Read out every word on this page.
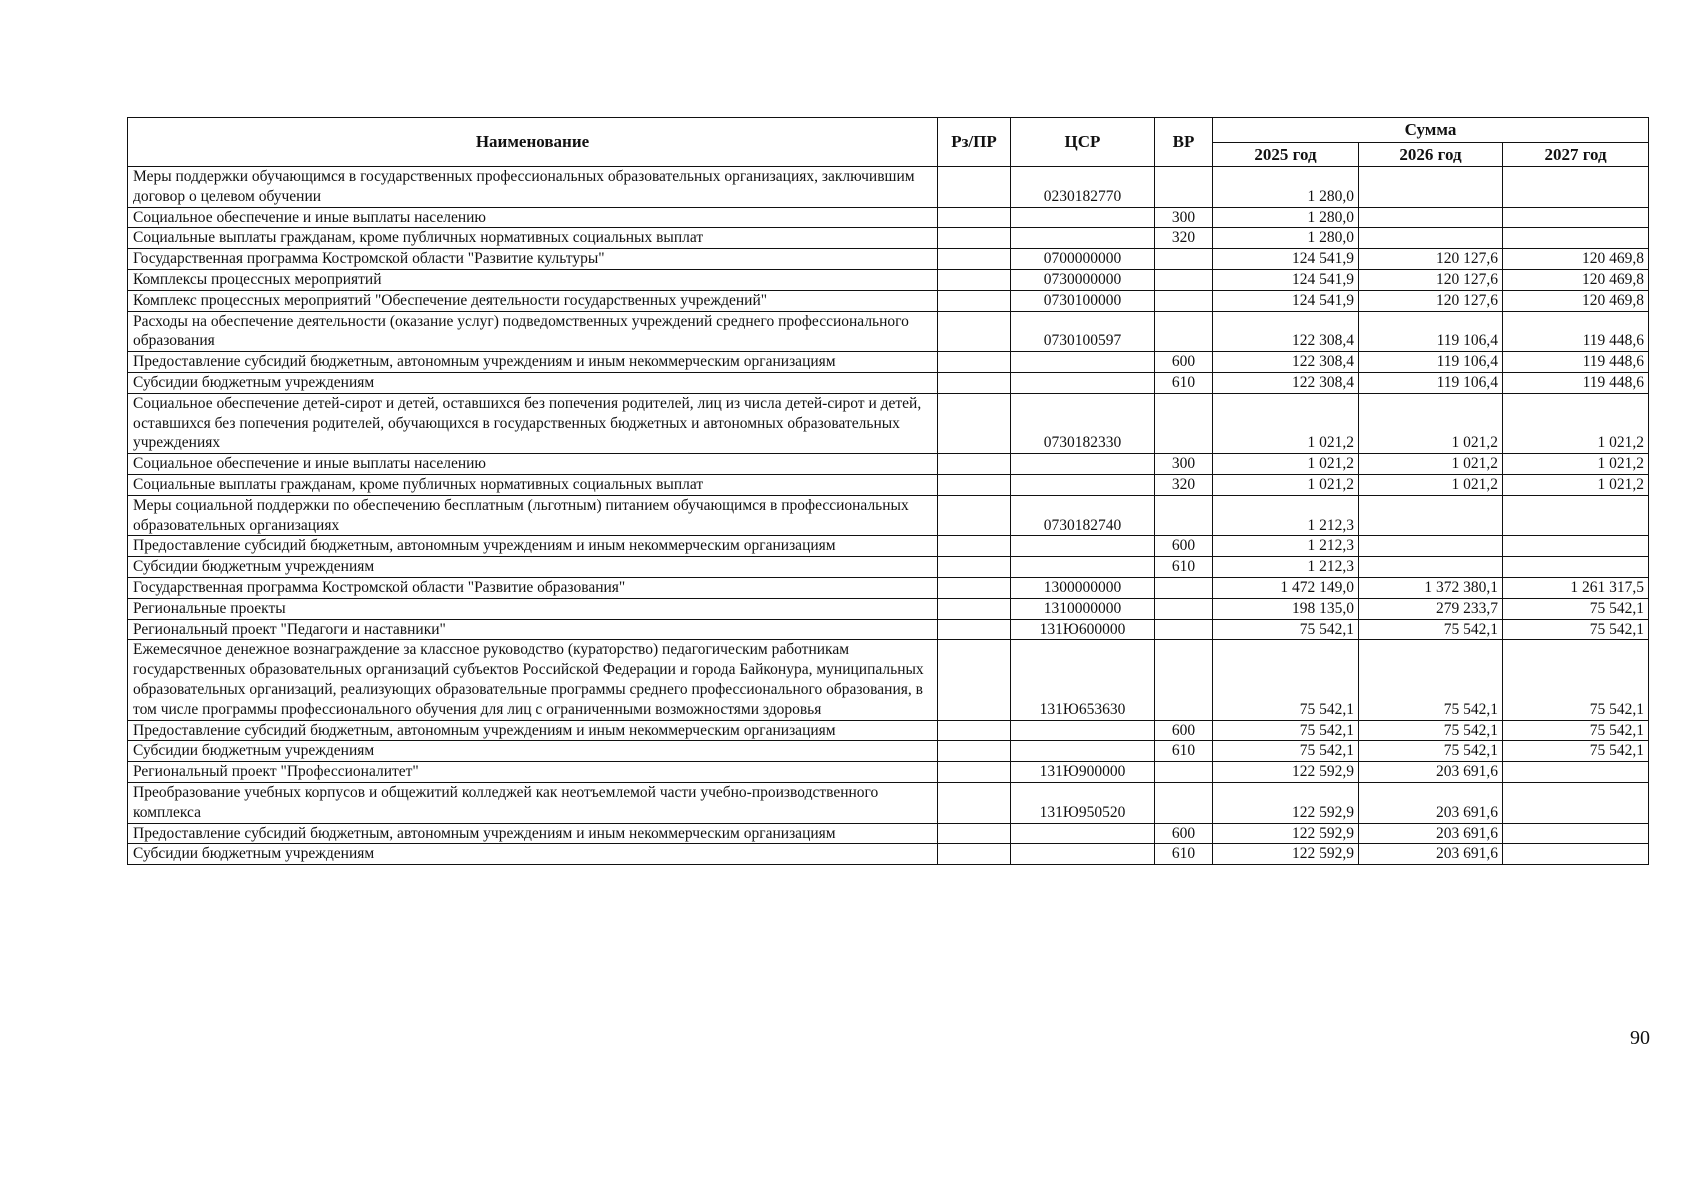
Наименование	Рз/ПР	ЦСР	ВР	Сумма		
				2025 год	2026 год	2027 год
Меры поддержки обучающимся в государственных профессиональных образовательных организациях, заключившим договор о целевом обучении		0230182770		1 280,0		
Социальное обеспечение и иные выплаты населению			300	1 280,0		
Социальные выплаты гражданам, кроме публичных нормативных социальных выплат			320	1 280,0		
Государственная программа Костромской области "Развитие культуры"		0700000000		124 541,9	120 127,6	120 469,8
Комплексы процессных мероприятий		0730000000		124 541,9	120 127,6	120 469,8
Комплекс процессных мероприятий "Обеспечение деятельности государственных учреждений"		0730100000		124 541,9	120 127,6	120 469,8
Расходы на обеспечение деятельности (оказание услуг) подведомственных учреждений среднего профессионального образования		0730100597		122 308,4	119 106,4	119 448,6
Предоставление субсидий бюджетным, автономным учреждениям и иным некоммерческим организациям			600	122 308,4	119 106,4	119 448,6
Субсидии бюджетным учреждениям			610	122 308,4	119 106,4	119 448,6
Социальное обеспечение детей-сирот и детей, оставшихся без попечения родителей, лиц из числа детей-сирот и детей, оставшихся без попечения родителей, обучающихся в государственных бюджетных и автономных образовательных учреждениях		0730182330		1 021,2	1 021,2	1 021,2
Социальное обеспечение и иные выплаты населению			300	1 021,2	1 021,2	1 021,2
Социальные выплаты гражданам, кроме публичных нормативных социальных выплат			320	1 021,2	1 021,2	1 021,2
Меры социальной поддержки по обеспечению бесплатным (льготным) питанием обучающимся в профессиональных образовательных организациях		0730182740		1 212,3		
Предоставление субсидий бюджетным, автономным учреждениям и иным некоммерческим организациям			600	1 212,3		
Субсидии бюджетным учреждениям			610	1 212,3		
Государственная программа Костромской области "Развитие образования"		1300000000		1 472 149,0	1 372 380,1	1 261 317,5
Региональные проекты		1310000000		198 135,0	279 233,7	75 542,1
Региональный проект "Педагоги и наставники"		131Ю600000		75 542,1	75 542,1	75 542,1
Ежемесячное денежное вознаграждение за классное руководство (кураторство) педагогическим работникам государственных образовательных организаций субъектов Российской Федерации и города Байконура, муниципальных образовательных организаций, реализующих образовательные программы среднего профессионального образования, в том числе программы профессионального обучения для лиц с ограниченными возможностями здоровья		131Ю653630		75 542,1	75 542,1	75 542,1
Предоставление субсидий бюджетным, автономным учреждениям и иным некоммерческим организациям			600	75 542,1	75 542,1	75 542,1
Субсидии бюджетным учреждениям			610	75 542,1	75 542,1	75 542,1
Региональный проект "Профессионалитет"		131Ю900000		122 592,9	203 691,6	
Преобразование учебных корпусов и общежитий колледжей как неотъемлемой части учебно-производственного комплекса		131Ю950520		122 592,9	203 691,6	
Предоставление субсидий бюджетным, автономным учреждениям и иным некоммерческим организациям			600	122 592,9	203 691,6	
Субсидии бюджетным учреждениям			610	122 592,9	203 691,6	
90
